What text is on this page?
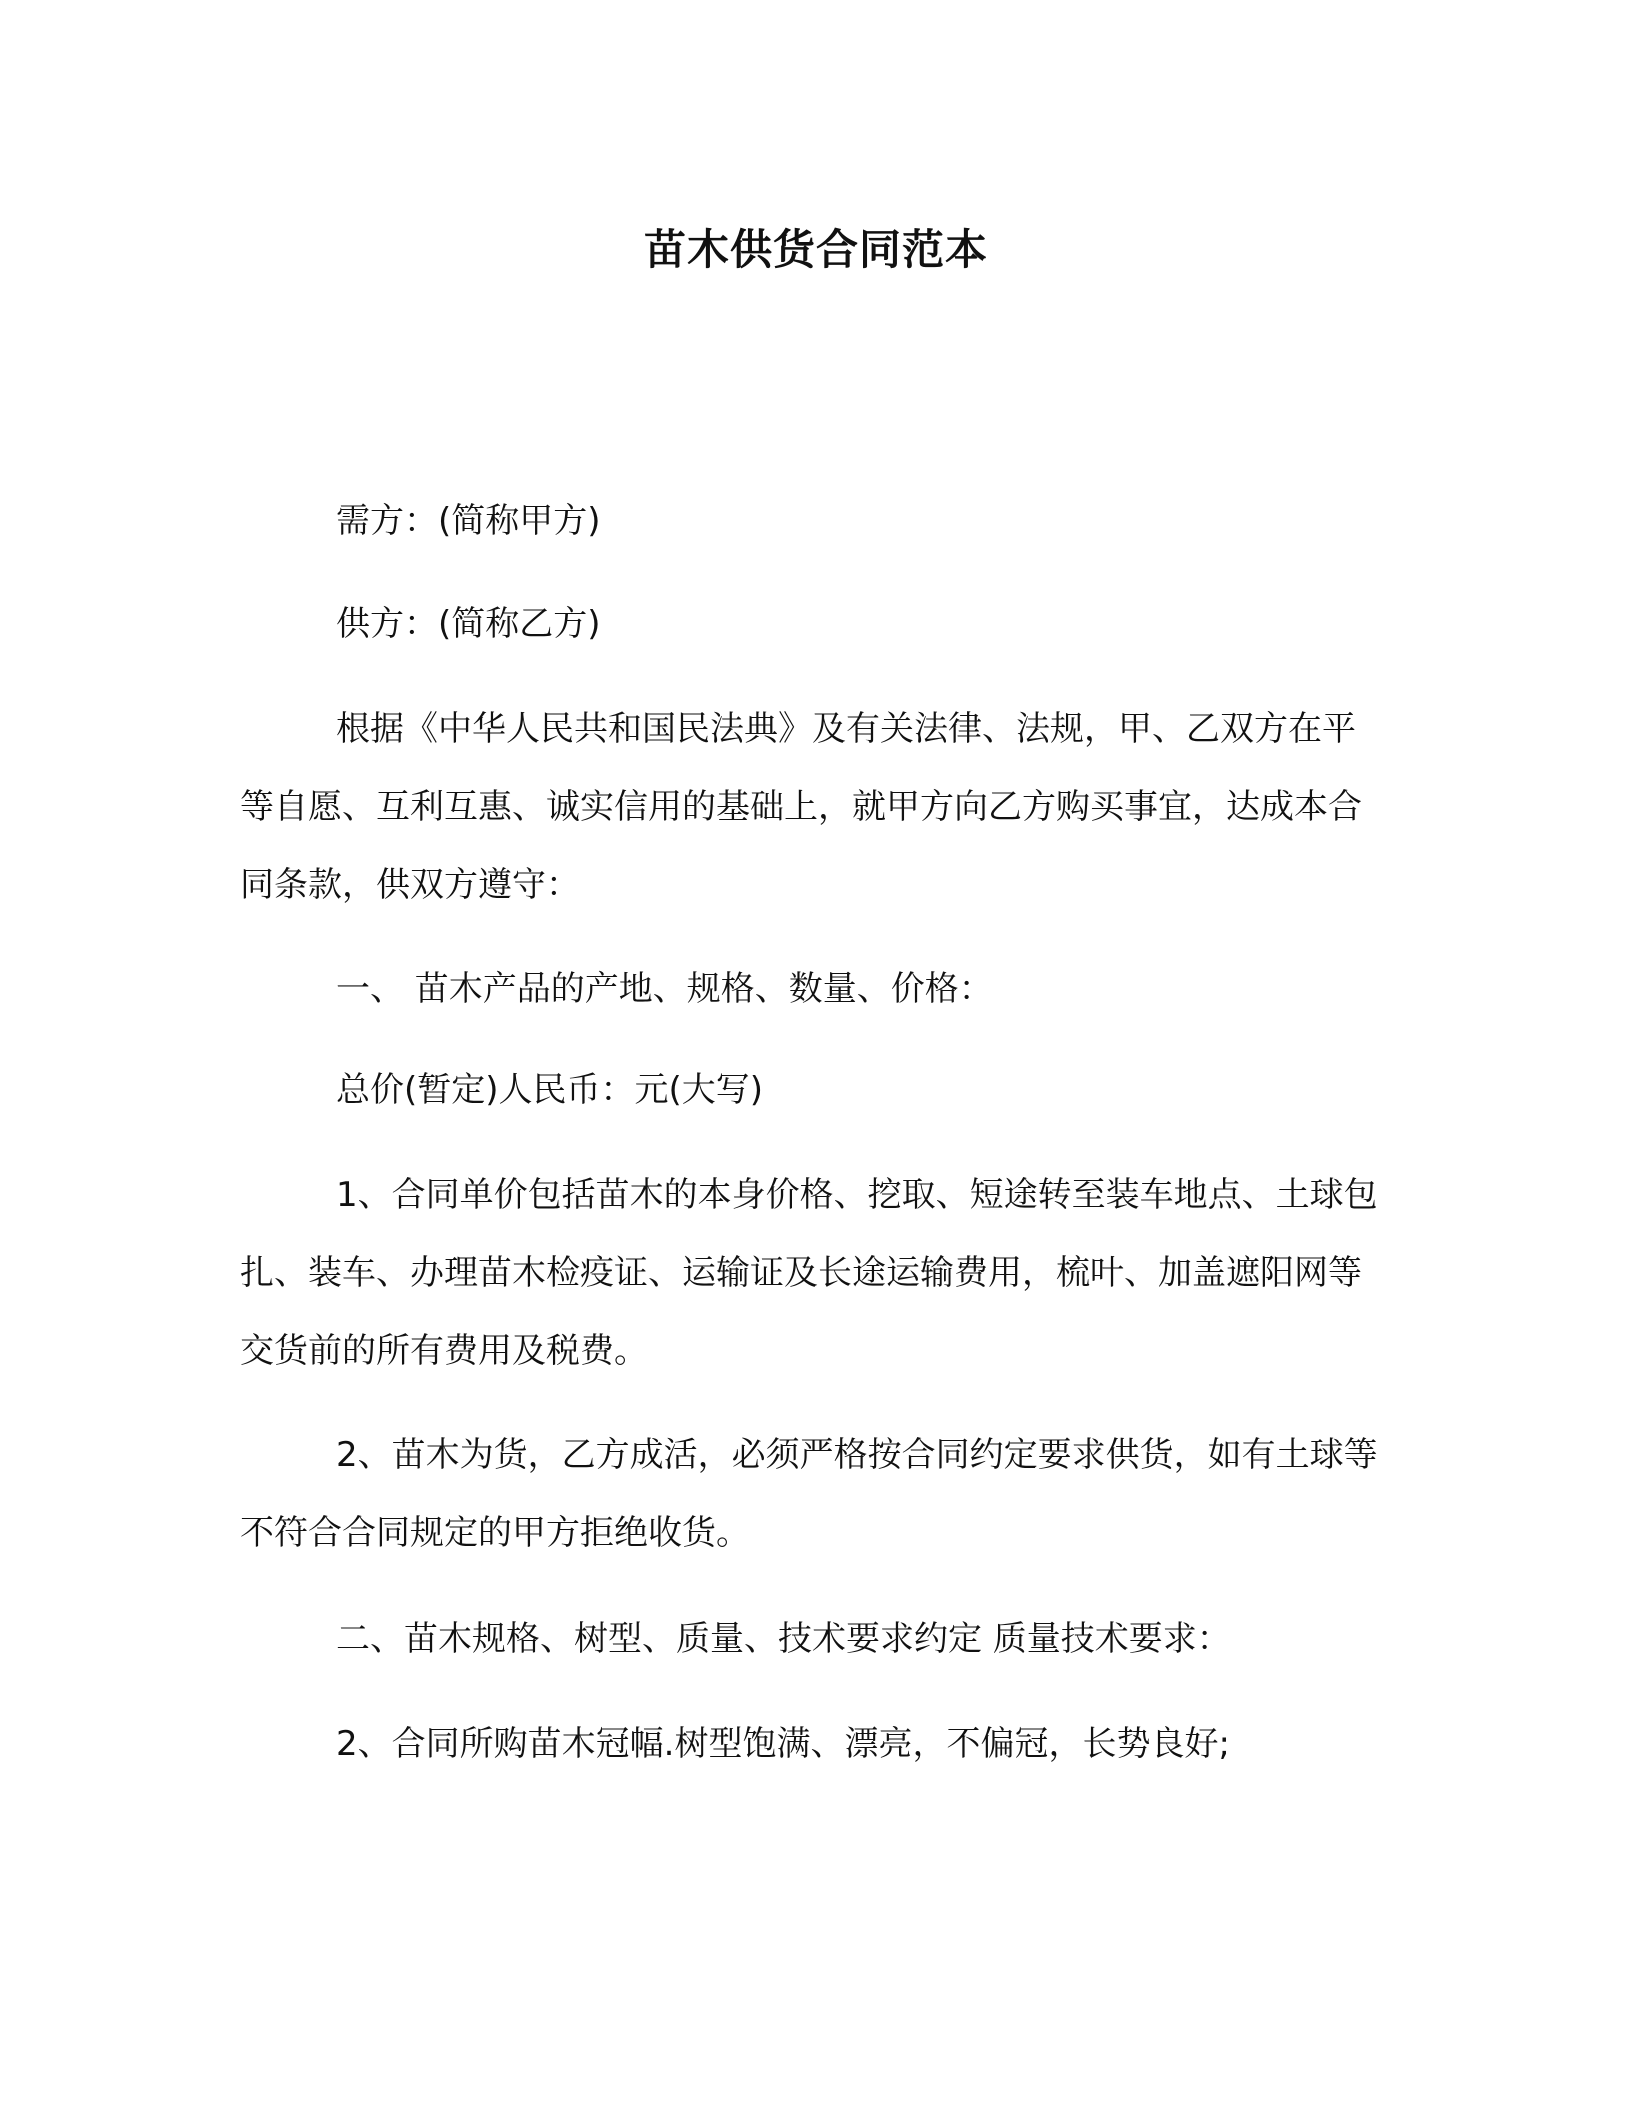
苗木供货合同范本

需方：(简称甲方)

供方：(简称乙方)

根据《中华人民共和国民法典》及有关法律、法规，甲、乙双方在平等自愿、互利互惠、诚实信用的基础上，就甲方向乙方购买事宜，达成本合同条款，供双方遵守：

一、 苗木产品的产地、规格、数量、价格：

总价(暂定)人民币：元(大写)

1、合同单价包括苗木的本身价格、挖取、短途转至装车地点、土球包扎、装车、办理苗木检疫证、运输证及长途运输费用，梳叶、加盖遮阳网等交货前的所有费用及税费。

2、苗木为货，乙方成活，必须严格按合同约定要求供货，如有土球等不符合合同规定的甲方拒绝收货。

二、苗木规格、树型、质量、技术要求约定 质量技术要求：

2、合同所购苗木冠幅.树型饱满、漂亮，不偏冠，长势良好;
